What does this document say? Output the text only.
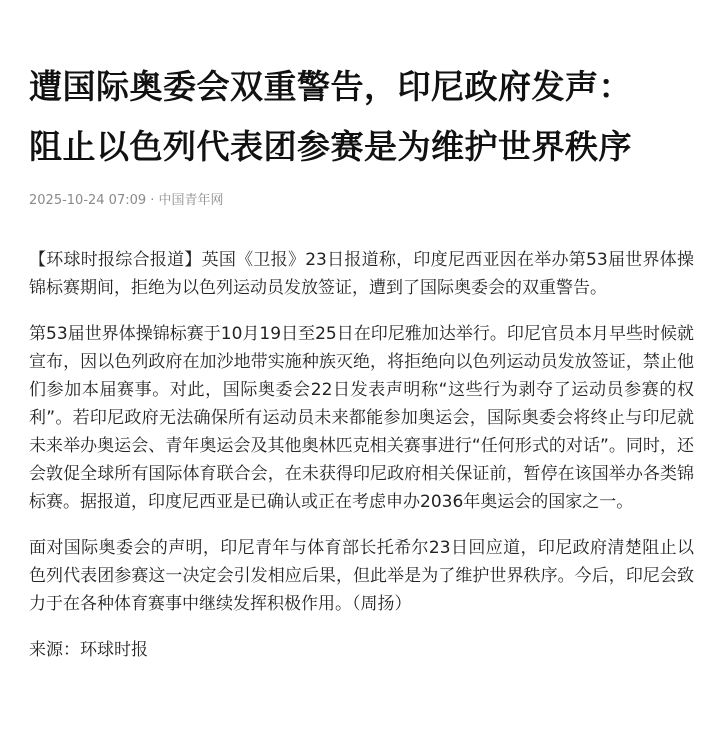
遭国际奥委会双重警告，印尼政府发声：
阻止以色列代表团参赛是为维护世界秩序
2025-10-24 07:09 · 中国青年网

【环球时报综合报道】英国《卫报》23日报道称，印度尼西亚因在举办第53届世界体操锦标赛期间，拒绝为以色列运动员发放签证，遭到了国际奥委会的双重警告。

第53届世界体操锦标赛于10月19日至25日在印尼雅加达举行。印尼官员本月早些时候就宣布，因以色列政府在加沙地带实施种族灭绝，将拒绝向以色列运动员发放签证，禁止他们参加本届赛事。对此，国际奥委会22日发表声明称“这些行为剥夺了运动员参赛的权利”。若印尼政府无法确保所有运动员未来都能参加奥运会，国际奥委会将终止与印尼就未来举办奥运会、青年奥运会及其他奥林匹克相关赛事进行“任何形式的对话”。同时，还会敦促全球所有国际体育联合会，在未获得印尼政府相关保证前，暂停在该国举办各类锦标赛。据报道，印度尼西亚是已确认或正在考虑申办2036年奥运会的国家之一。

面对国际奥委会的声明，印尼青年与体育部长托希尔23日回应道，印尼政府清楚阻止以色列代表团参赛这一决定会引发相应后果，但此举是为了维护世界秩序。今后，印尼会致力于在各种体育赛事中继续发挥积极作用。（周扬）

来源：环球时报
